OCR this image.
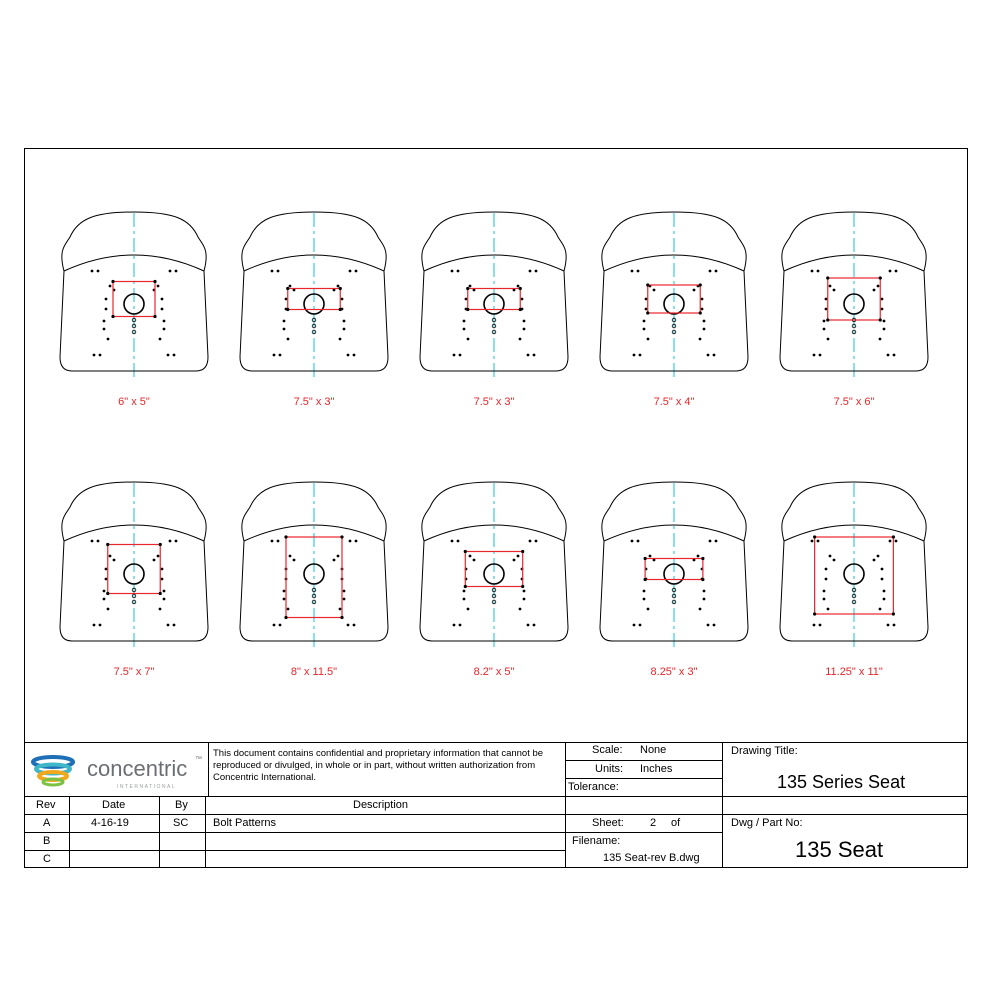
6" x 5"	7.5" x 3"	7.5" x 3"	7.5" x 4"	7.5" x 6"
7.5" x 7"	8" x 11.5"	8.2" x 5"	8.25" x 3"	11.25" x 11"
concentric ™
INTERNATIONAL
This document contains confidential and proprietary information that cannot be reproduced or divulged, in whole or in part, without written authorization from Concentric International.
Scale: None
Units: Inches
Tolerance:
Drawing Title:
135 Series Seat
Rev	Date	By	Description
A	4-16-19	SC Bolt Patterns
B
C
Sheet: 2 of
Filename:
135 Seat-rev B.dwg
Dwg / Part No:
135 Seat
